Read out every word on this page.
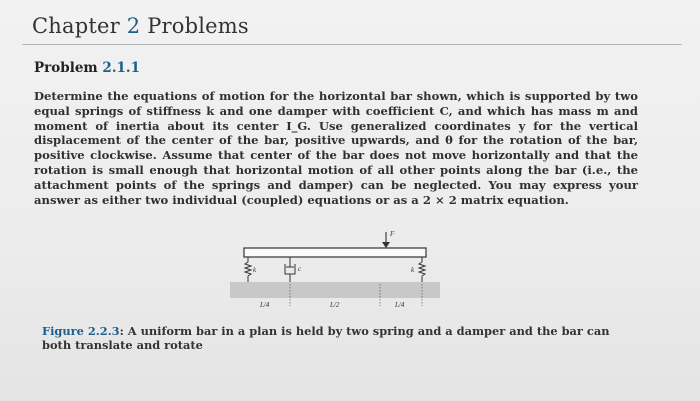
Chapter 2 Problems
Problem 2.1.1
Determine the equations of motion for the horizontal bar shown, which is supported by two equal springs of stiffness k and one damper with coefficient C, and which has mass m and moment of inertia about its center I_G. Use generalized coordinates y for the vertical displacement of the center of the bar, positive upwards, and θ for the rotation of the bar, positive clockwise. Assume that center of the bar does not move horizontally and that the rotation is small enough that horizontal motion of all other points along the bar (i.e., the attachment points of the springs and damper) can be neglected. You may express your answer as either two individual (coupled) equations or as a 2 × 2 matrix equation.
F
k	c	k
L/4	L/2	L/4
Figure 2.2.3: A uniform bar in a plan is held by two spring and a damper and the bar can both translate and rotate
